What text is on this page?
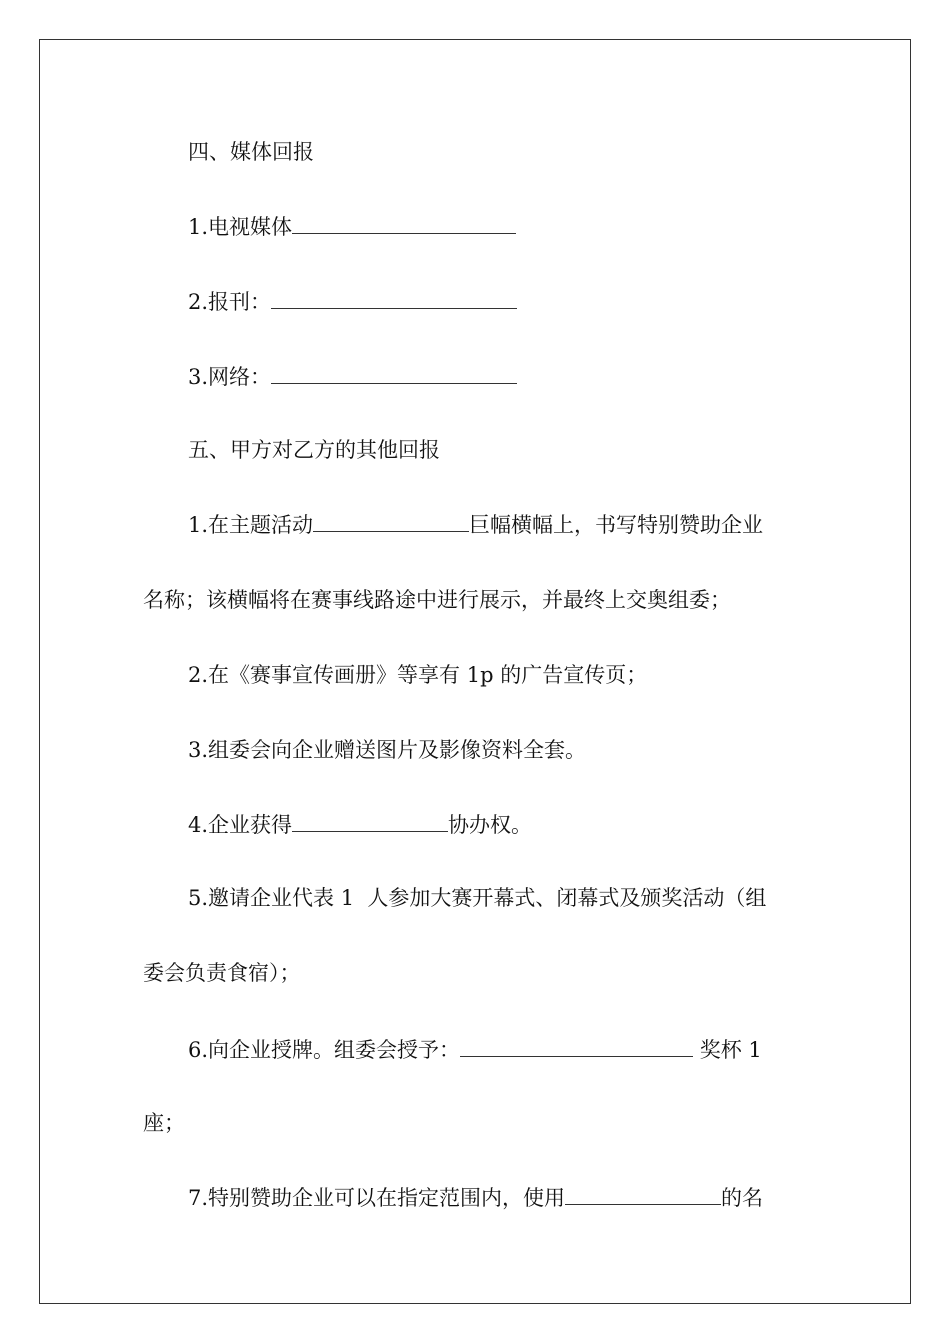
四、媒体回报
1.电视媒体
2.报刊：
3.网络：
五、甲方对乙方的其他回报
1.在主题活动	巨幅横幅上，书写特别赞助企业
名称；该横幅将在赛事线路途中进行展示，并最终上交奥组委；
2.在《赛事宣传画册》等享有 1p 的广告宣传页；
3.组委会向企业赠送图片及影像资料全套。
4.企业获得	协办权。
5.邀请企业代表 1  人参加大赛开幕式、闭幕式及颁奖活动（组
委会负责食宿）；
6.向企业授牌。组委会授予：	奖杯 1
座；
7.特别赞助企业可以在指定范围内，使用	的名
